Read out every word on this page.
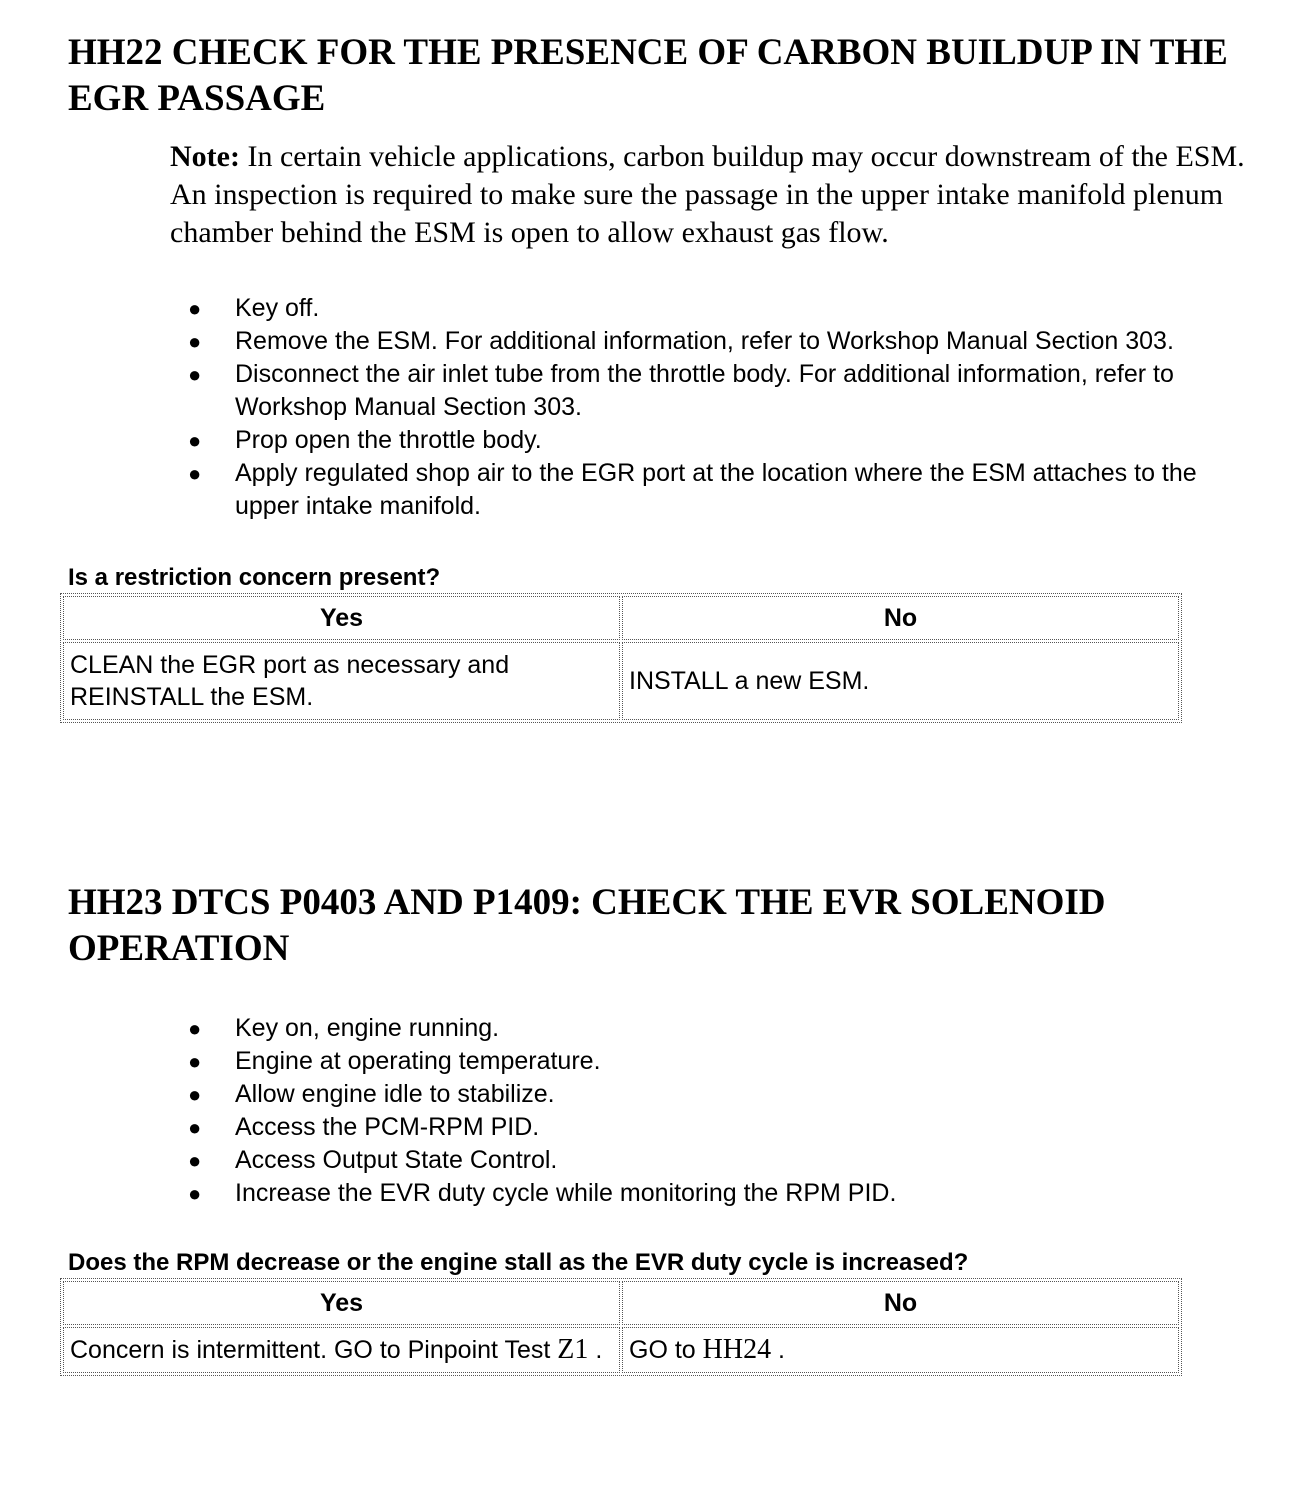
HH22 CHECK FOR THE PRESENCE OF CARBON BUILDUP IN THE EGR PASSAGE

Note: In certain vehicle applications, carbon buildup may occur downstream of the ESM. An inspection is required to make sure the passage in the upper intake manifold plenum chamber behind the ESM is open to allow exhaust gas flow.

● Key off.
● Remove the ESM. For additional information, refer to Workshop Manual Section 303.
● Disconnect the air inlet tube from the throttle body. For additional information, refer to Workshop Manual Section 303.
● Prop open the throttle body.
● Apply regulated shop air to the EGR port at the location where the ESM attaches to the upper intake manifold.

Is a restriction concern present?

Yes	No
CLEAN the EGR port as necessary and REINSTALL the ESM.	INSTALL a new ESM.
HH23 DTCS P0403 AND P1409: CHECK THE EVR SOLENOID OPERATION
● Key on, engine running.
● Engine at operating temperature.
● Allow engine idle to stabilize.
● Access the PCM-RPM PID.
● Access Output State Control.
● Increase the EVR duty cycle while monitoring the RPM PID.

Does the RPM decrease or the engine stall as the EVR duty cycle is increased?

Yes	No
Concern is intermittent. GO to Pinpoint Test Z1 .	GO to HH24 .
